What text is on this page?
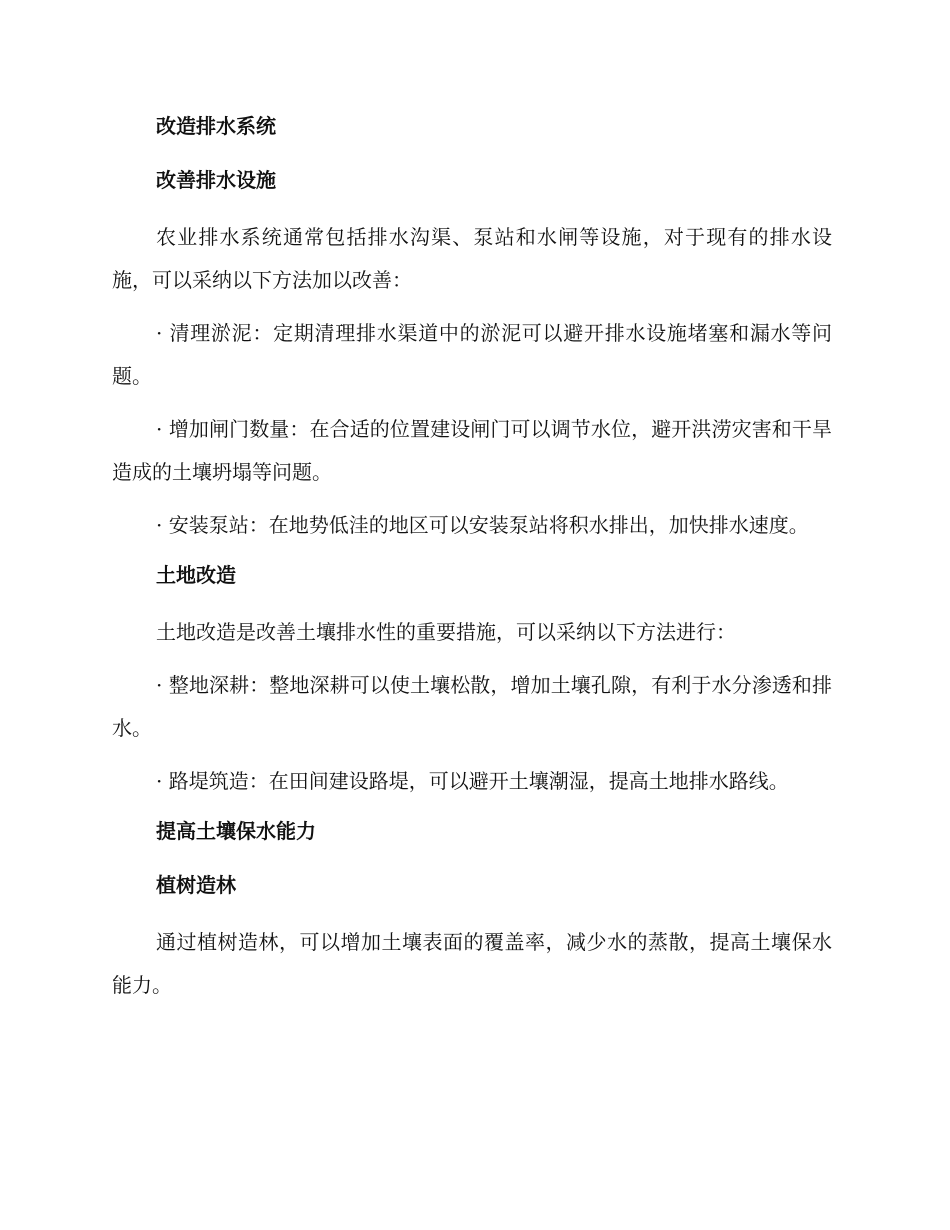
改造排水系统
改善排水设施
农业排水系统通常包括排水沟渠、泵站和水闸等设施，对于现有的排水设施，可以采纳以下方法加以改善：
· 清理淤泥：定期清理排水渠道中的淤泥可以避开排水设施堵塞和漏水等问题。
· 增加闸门数量：在合适的位置建设闸门可以调节水位，避开洪涝灾害和干旱造成的土壤坍塌等问题。
· 安装泵站：在地势低洼的地区可以安装泵站将积水排出，加快排水速度。
土地改造
土地改造是改善土壤排水性的重要措施，可以采纳以下方法进行：
· 整地深耕：整地深耕可以使土壤松散，增加土壤孔隙，有利于水分渗透和排水。
· 路堤筑造：在田间建设路堤，可以避开土壤潮湿，提高土地排水路线。
提高土壤保水能力
植树造林
通过植树造林，可以增加土壤表面的覆盖率，减少水的蒸散，提高土壤保水能力。
